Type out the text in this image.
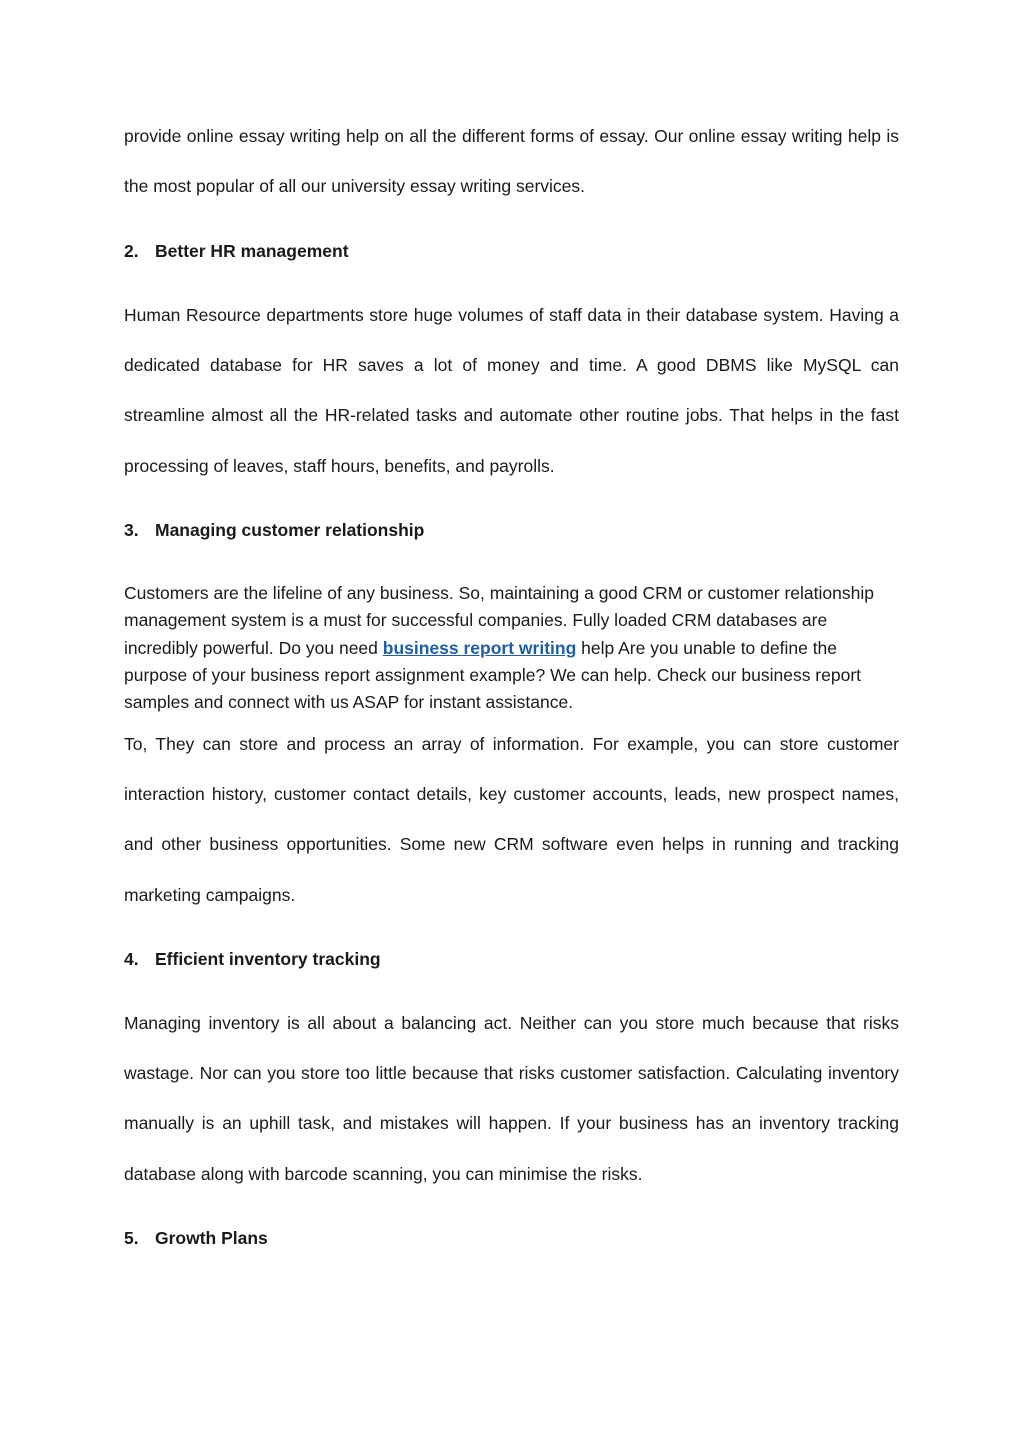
provide online essay writing help on all the different forms of essay. Our online essay writing help is the most popular of all our university essay writing services.

2. Better HR management

Human Resource departments store huge volumes of staff data in their database system. Having a dedicated database for HR saves a lot of money and time. A good DBMS like MySQL can streamline almost all the HR-related tasks and automate other routine jobs. That helps in the fast processing of leaves, staff hours, benefits, and payrolls.

3. Managing customer relationship

Customers are the lifeline of any business. So, maintaining a good CRM or customer relationship management system is a must for successful companies. Fully loaded CRM databases are incredibly powerful. Do you need business report writing help Are you unable to define the purpose of your business report assignment example? We can help. Check our business report samples and connect with us ASAP for instant assistance.

To, They can store and process an array of information. For example, you can store customer interaction history, customer contact details, key customer accounts, leads, new prospect names, and other business opportunities. Some new CRM software even helps in running and tracking marketing campaigns.

4. Efficient inventory tracking

Managing inventory is all about a balancing act. Neither can you store much because that risks wastage. Nor can you store too little because that risks customer satisfaction. Calculating inventory manually is an uphill task, and mistakes will happen. If your business has an inventory tracking database along with barcode scanning, you can minimise the risks.

5. Growth Plans
